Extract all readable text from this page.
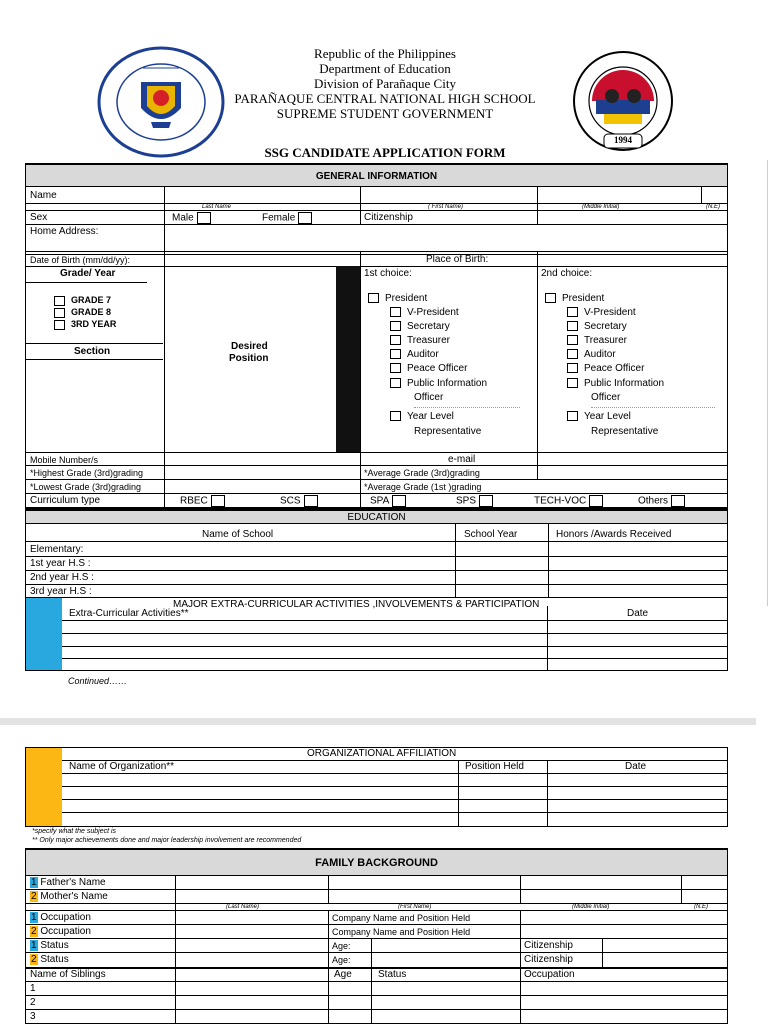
1994
Republic of the Philippines
Department of Education
Division of Parañaque City
PARAÑAQUE CENTRAL NATIONAL HIGH SCHOOL
SUPREME STUDENT GOVERNMENT
SSG CANDIDATE APPLICATION FORM
GENERAL INFORMATION
Name
Last Name	( First Name)	(Middle Initial)	(N.E)
Sex	Male	Female	Citizenship
Home Address:
Date of Birth (mm/dd/yy):	Place of Birth:
Grade/ Year
GRADE 7
GRADE 8
3RD YEAR
Section	Desired
Position
1st choice:
President
V-President
Secretary
Treasurer
Auditor
Peace Officer
Public Information
Officer
Year Level
Representative
2nd choice:
President
V-President
Secretary
Treasurer
Auditor
Peace Officer
Public Information
Officer
Year Level
Representative
Mobile Number/s	e-mail
*Highest Grade (3rd)grading	*Average Grade (3rd)grading
*Lowest Grade (3rd)grading	*Average Grade (1st )grading
Curriculum type	RBEC	SCS	SPA	SPS	TECH-VOC	Others
EDUCATION
Name of School	School Year	Honors /Awards Received
Elementary:
1st year H.S :
2nd year H.S :
3rd year H.S :
MAJOR EXTRA-CURRICULAR ACTIVITIES ,INVOLVEMENTS & PARTICIPATION
Extra-Curricular Activities**	Date
Continued……
ORGANIZATIONAL AFFILIATION
Name of Organization**	Position Held	Date
*specify what the subject is
** Only major achievements done and major leadership involvement are recommended
FAMILY BACKGROUND
1 Father's Name
2 Mother's Name
(Last Name)	(First Name)	(Middle Initial)	(N.E)
1 Occupation	Company Name and Position Held
2 Occupation	Company Name and Position Held
1 Status	Age:	Citizenship
2 Status	Age:	Citizenship
Name of Siblings	Age	Status	Occupation
1
2
3
